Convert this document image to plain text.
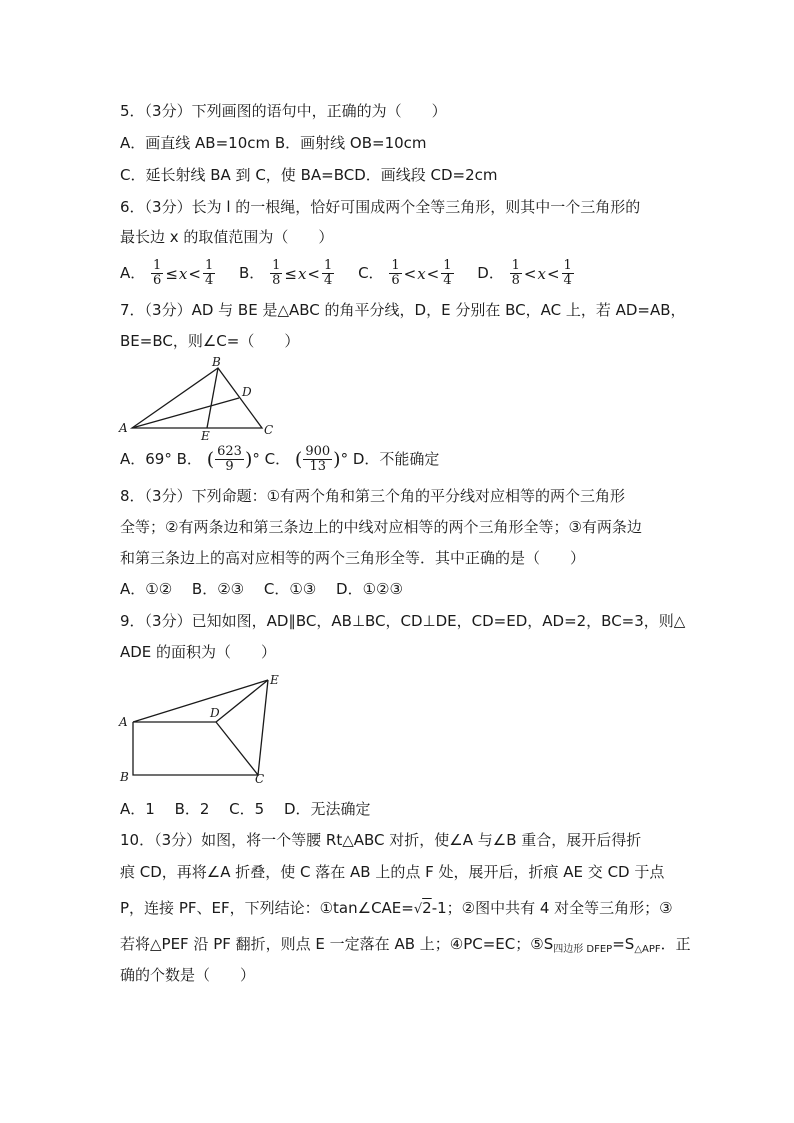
5．（3分）下列画图的语句中，正确的为（　　）
A．画直线 AB=10cm B．画射线 OB=10cm
C．延长射线 BA 到 C，使 BA=BCD．画线段 CD=2cm
6．（3分）长为 l 的一根绳，恰好可围成两个全等三角形，则其中一个三角形的
最长边 x 的取值范围为（　　）
A． $\frac{1}{6} \le x< \frac{1}{4}$ B． $\frac{1}{8} \le x< \frac{1}{4}$ C． $\frac{1}{6} <x< \frac{1}{4}$ D． $\frac{1}{8} <x< \frac{1}{4}$
7．（3分）AD 与 BE 是△ABC 的角平分线，D，E 分别在 BC，AC 上，若 AD=AB，
BE=BC，则∠C=（　　）
B
D
A
E	C
A．69° B． ( $\frac{623}{9}$ )° C． ( $\frac{900}{13}$ )° D．不能确定
8．（3分）下列命题：①有两个角和第三个角的平分线对应相等的两个三角形
全等；②有两条边和第三条边上的中线对应相等的两个三角形全等；③有两条边
和第三条边上的高对应相等的两个三角形全等．其中正确的是（　　）
A．①②　 B．②③　 C．①③　 D．①②③
9．（3分）已知如图，AD∥BC，AB⊥BC，CD⊥DE，CD=ED，AD=2，BC=3，则△
ADE 的面积为（　　）
E
A
D
B	C
A．1　 B．2　 C．5　 D．无法确定
10．（3分）如图，将一个等腰 Rt△ABC 对折，使∠A 与∠B 重合，展开后得折
痕 CD，再将∠A 折叠，使 C 落在 AB 上的点 F 处，展开后，折痕 AE 交 CD 于点
P，连接 PF、EF，下列结论：①tan∠CAE=√2-1；②图中共有 4 对全等三角形；③
若将△PEF 沿 PF 翻折，则点 E 一定落在 AB 上；④PC=EC；$⑤S_{四边形 DFEP}=S_{\triangle APF}$．正
确的个数是（　　）
